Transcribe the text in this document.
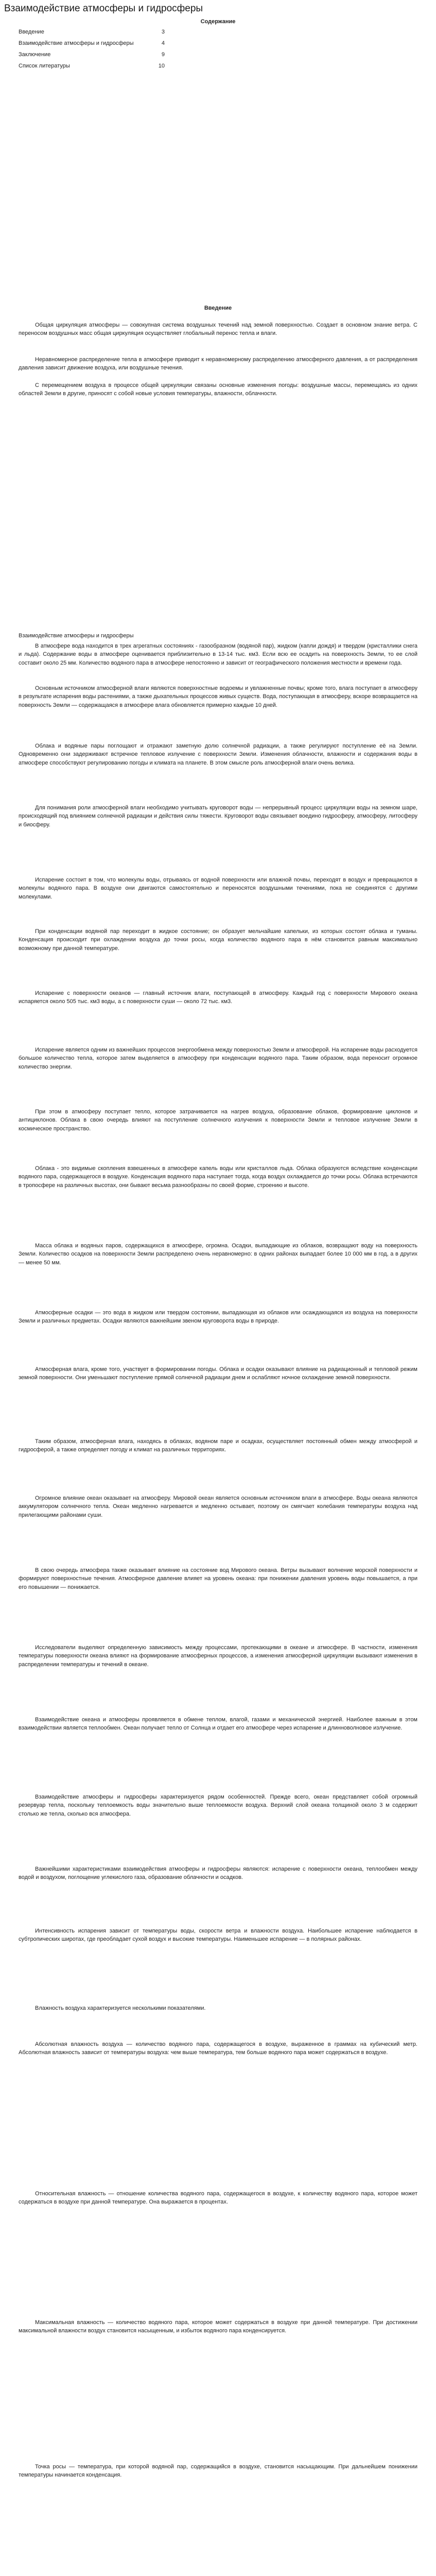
Взаимодействие атмосферы и гидросферы
Содержание
Введение	3
Взаимодействие атмосферы и гидросферы	4
Заключение	9
Список литературы	10
Введение

Общая циркуляция атмосферы — совокупная система воздушных течений над земной поверхностью. Создает в основном знание ветра. С переносом воздушных масс общая циркуляция осуществляет глобальный перенос тепла и влаги.

Неравномерное распределение тепла в атмосфере приводит к неравномерному распределению атмосферного давления, а от распределения давления зависит движение воздуха, или воздушные течения.

С перемещением воздуха в процессе общей циркуляции связаны основные изменения погоды: воздушные массы, перемещаясь из одних областей Земли в другие, приносят с собой новые условия температуры, влажности, облачности.

Взаимодействие атмосферы и гидросферы

В атмосфере вода находится в трех агрегатных состояниях - газообразном (водяной пар), жидком (капли дождя) и твердом (кристаллики снега и льда). Содержание воды в атмосфере оценивается приблизительно в 13-14 тыс. км3. Если всю ее осадить на поверхность Земли, то ее слой составит около 25 мм. Количество водяного пара в атмосфере непостоянно и зависит от географического положения местности и времени года.

Основным источником атмосферной влаги являются поверхностные водоемы и увлажненные почвы; кроме того, влага поступает в атмосферу в результате испарения воды растениями, а также дыхательных процессов живых существ. Вода, поступающая в атмосферу, вскоре возвращается на поверхность Земли — содержащаяся в атмосфере влага обновляется примерно каждые 10 дней.

Облака и водяные пары поглощают и отражают заметную долю солнечной радиации, а также регулируют поступление её на Земли. Одновременно они задерживают встречное тепловое излучение с поверхности Земли. Изменения облачности, влажности и содержания воды в атмосфере способствуют регулированию погоды и климата на планете. В этом смысле роль атмосферной влаги очень велика.

Для понимания роли атмосферной влаги необходимо учитывать круговорот воды — непрерывный процесс циркуляции воды на земном шаре, происходящий под влиянием солнечной радиации и действия силы тяжести. Круговорот воды связывает воедино гидросферу, атмосферу, литосферу и биосферу.

Испарение состоит в том, что молекулы воды, отрываясь от водной поверхности или влажной почвы, переходят в воздух и превращаются в молекулы водяного пара. В воздухе они двигаются самостоятельно и переносятся воздушными течениями, пока не соединятся с другими молекулами.

При конденсации водяной пар переходит в жидкое состояние; он образует мельчайшие капельки, из которых состоят облака и туманы. Конденсация происходит при охлаждении воздуха до точки росы, когда количество водяного пара в нём становится равным максимально возможному при данной температуре.

Испарение с поверхности океанов — главный источник влаги, поступающей в атмосферу. Каждый год с поверхности Мирового океана испаряется около 505 тыс. км3 воды, а с поверхности суши — около 72 тыс. км3.

Испарение является одним из важнейших процессов энергообмена между поверхностью Земли и атмосферой. На испарение воды расходуется большое количество тепла, которое затем выделяется в атмосферу при конденсации водяного пара. Таким образом, вода переносит огромное количество энергии.

При этом в атмосферу поступает тепло, которое затрачивается на нагрев воздуха, образование облаков, формирование циклонов и антициклонов. Облака в свою очередь влияют на поступление солнечного излучения к поверхности Земли и тепловое излучение Земли в космическое пространство.

Облака - это видимые скопления взвешенных в атмосфере капель воды или кристаллов льда. Облака образуются вследствие конденсации водяного пара, содержащегося в воздухе. Конденсация водяного пара наступает тогда, когда воздух охлаждается до точки росы. Облака встречаются в тропосфере на различных высотах, они бывают весьма разнообразны по своей форме, строению и высоте.

Масса облака и водяных паров, содержащихся в атмосфере, огромна. Осадки, выпадающие из облаков, возвращают воду на поверхность Земли. Количество осадков на поверхности Земли распределено очень неравномерно: в одних районах выпадает более 10 000 мм в год, а в других — менее 50 мм.

Атмосферные осадки — это вода в жидком или твердом состоянии, выпадающая из облаков или осаждающаяся из воздуха на поверхности Земли и различных предметах. Осадки являются важнейшим звеном круговорота воды в природе.

Атмосферная влага, кроме того, участвует в формировании погоды. Облака и осадки оказывают влияние на радиационный и тепловой режим земной поверхности. Они уменьшают поступление прямой солнечной радиации днем и ослабляют ночное охлаждение земной поверхности.

Таким образом, атмосферная влага, находясь в облаках, водяном паре и осадках, осуществляет постоянный обмен между атмосферой и гидросферой, а также определяет погоду и климат на различных территориях.

Огромное влияние океан оказывает на атмосферу. Мировой океан является основным источником влаги в атмосфере. Воды океана являются аккумулятором солнечного тепла. Океан медленно нагревается и медленно остывает, поэтому он смягчает колебания температуры воздуха над прилегающими районами суши.

В свою очередь атмосфера также оказывает влияние на состояние вод Мирового океана. Ветры вызывают волнение морской поверхности и формируют поверхностные течения. Атмосферное давление влияет на уровень океана: при понижении давления уровень воды повышается, а при его повышении — понижается.

Исследователи выделяют определенную зависимость между процессами, протекающими в океане и атмосфере. В частности, изменения температуры поверхности океана влияют на формирование атмосферных процессов, а изменения атмосферной циркуляции вызывают изменения в распределении температуры и течений в океане.

Взаимодействие океана и атмосферы проявляется в обмене теплом, влагой, газами и механической энергией. Наиболее важным в этом взаимодействии является теплообмен. Океан получает тепло от Солнца и отдает его атмосфере через испарение и длинноволновое излучение.

Взаимодействие атмосферы и гидросферы характеризуется рядом особенностей. Прежде всего, океан представляет собой огромный резервуар тепла, поскольку теплоемкость воды значительно выше теплоемкости воздуха. Верхний слой океана толщиной около 3 м содержит столько же тепла, сколько вся атмосфера.

Важнейшими характеристиками взаимодействия атмосферы и гидросферы являются: испарение с поверхности океана, теплообмен между водой и воздухом, поглощение углекислого газа, образование облачности и осадков.

Интенсивность испарения зависит от температуры воды, скорости ветра и влажности воздуха. Наибольшее испарение наблюдается в субтропических широтах, где преобладает сухой воздух и высокие температуры. Наименьшее испарение — в полярных районах.

Влажность воздуха характеризуется несколькими показателями.

Абсолютная влажность воздуха — количество водяного пара, содержащегося в воздухе, выраженное в граммах на кубический метр. Абсолютная влажность зависит от температуры воздуха: чем выше температура, тем больше водяного пара может содержаться в воздухе.

Относительная влажность — отношение количества водяного пара, содержащегося в воздухе, к количеству водяного пара, которое может содержаться в воздухе при данной температуре. Она выражается в процентах.

Максимальная влажность — количество водяного пара, которое может содержаться в воздухе при данной температуре. При достижении максимальной влажности воздух становится насыщенным, и избыток водяного пара конденсируется.

Точка росы — температура, при которой водяной пар, содержащийся в воздухе, становится насыщающим. При дальнейшем понижении температуры начинается конденсация.
